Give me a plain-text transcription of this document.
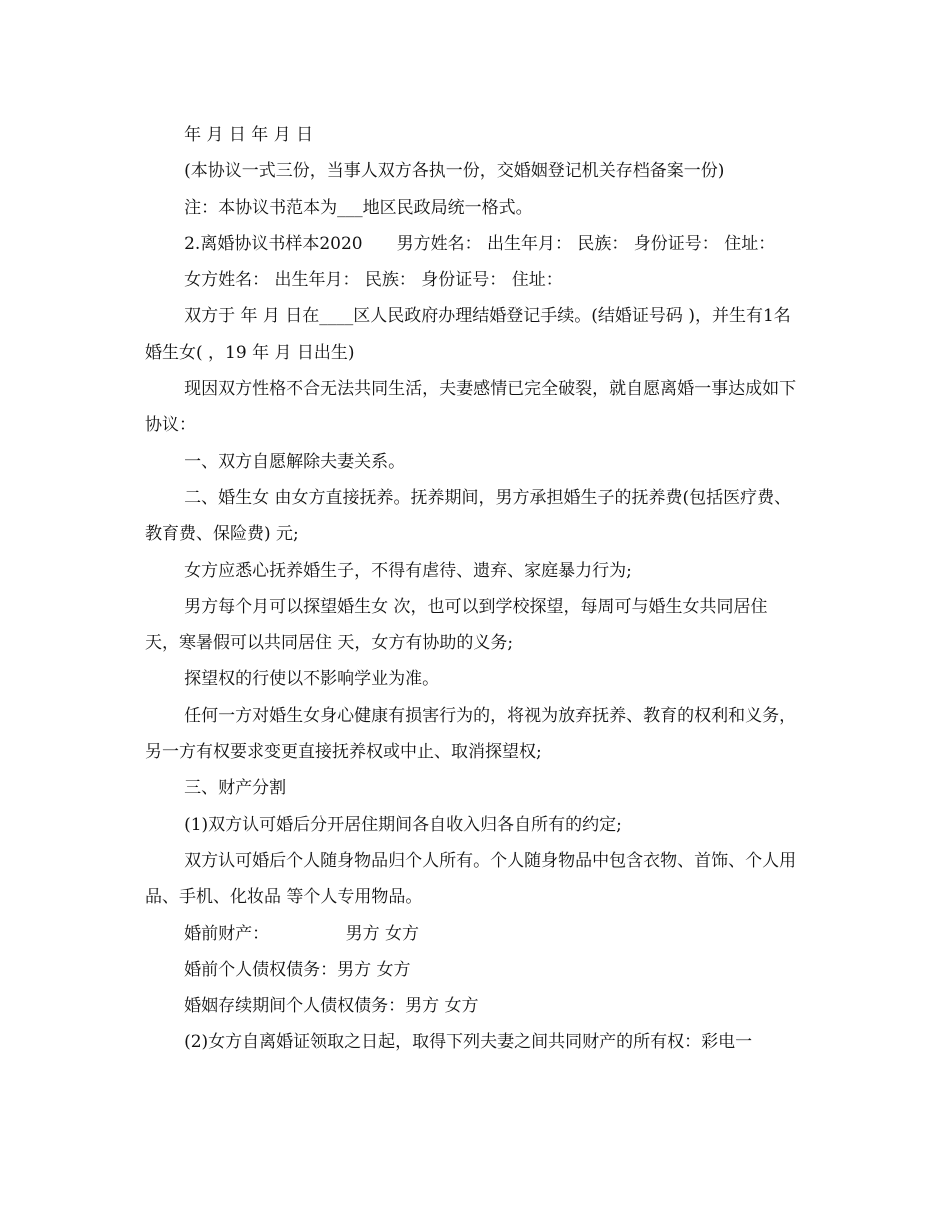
年 月 日 年 月 日

(本协议一式三份，当事人双方各执一份，交婚姻登记机关存档备案一份)

注：本协议书范本为___地区民政局统一格式。

2.离婚协议书样本2020　　男方姓名： 出生年月： 民族： 身份证号： 住址：

女方姓名： 出生年月： 民族： 身份证号： 住址：

双方于 年 月 日在____区人民政府办理结婚登记手续。(结婚证号码 )，并生有1名婚生女( ，19 年 月 日出生)

现因双方性格不合无法共同生活，夫妻感情已完全破裂，就自愿离婚一事达成如下协议：

一、双方自愿解除夫妻关系。

二、婚生女 由女方直接抚养。抚养期间，男方承担婚生子的抚养费(包括医疗费、教育费、保险费) 元;

女方应悉心抚养婚生子，不得有虐待、遗弃、家庭暴力行为;

男方每个月可以探望婚生女 次，也可以到学校探望，每周可与婚生女共同居住 天，寒暑假可以共同居住 天，女方有协助的义务;

探望权的行使以不影响学业为准。

任何一方对婚生女身心健康有损害行为的，将视为放弃抚养、教育的权利和义务，另一方有权要求变更直接抚养权或中止、取消探望权;

三、财产分割

(1)双方认可婚后分开居住期间各自收入归各自所有的约定;

双方认可婚后个人随身物品归个人所有。个人随身物品中包含衣物、首饰、个人用品、手机、化妆品 等个人专用物品。

婚前财产：　　　　　男方 女方

婚前个人债权债务：男方 女方

婚姻存续期间个人债权债务：男方 女方

(2)女方自离婚证领取之日起，取得下列夫妻之间共同财产的所有权：彩电一
